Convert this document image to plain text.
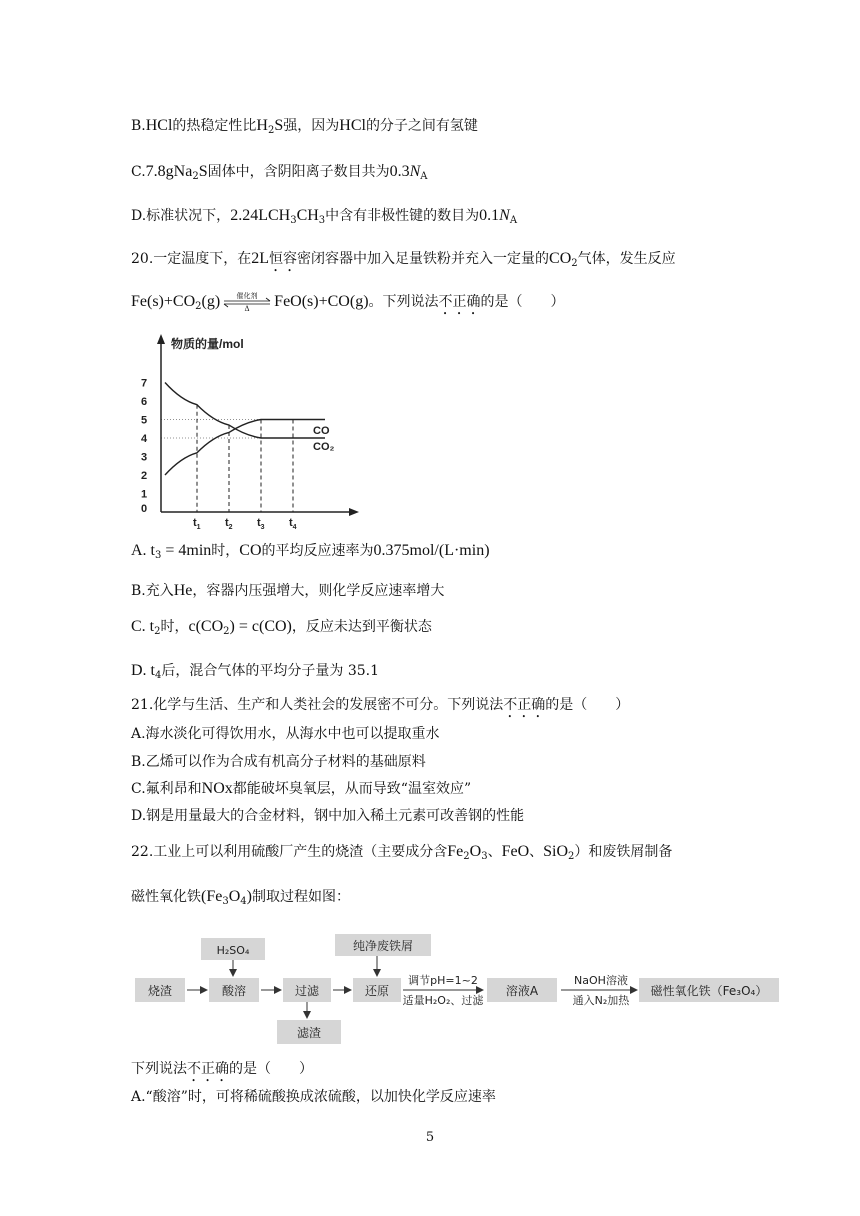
B.HCl的热稳定性比$H_2S$强，因为HCl的分子之间有氢键
C.7.8gNa$_2$S固体中，含阴阳离子数目共为$0.3N_A$
D.标准状况下，$2.24LCH_3CH_3$中含有非极性键的数目为$0.1N_A$
20.一定温度下，在2L恒容密闭容器中加入足量铁粉并充入一定量的$CO_2$气体，发生反应
$Fe(s)+CO_2(g)$ 催化剂
Δ FeO(s)+CO(g)。下列说法不正确的是（　　）
物质的量/mol
0
1
2
3
4
5
6
7
$t_1$ $t_2$ $t_3$ $t_4$
CO
CO₂
A. $t_3 = 4\min$时，CO的平均反应速率为0.375mol/(L·min)
B.充入He，容器内压强增大，则化学反应速率增大
C. $t_2$时，$c(CO_2) = c(CO)$，反应未达到平衡状态
D. $t_4$后，混合气体的平均分子量为 35.1
21.化学与生活、生产和人类社会的发展密不可分。下列说法不正确的是（　　）
A.海水淡化可得饮用水，从海水中也可以提取重水
B.乙烯可以作为合成有机高分子材料的基础原料
C.氟利昂和NOx都能破坏臭氧层，从而导致“温室效应”
D.钢是用量最大的合金材料，钢中加入稀土元素可改善钢的性能
22.工业上可以利用硫酸厂产生的烧渣（主要成分含$Fe_2O_3$、FeO、SiO$_2$）和废铁屑制备
磁性氧化铁$(Fe_3O_4)$制取过程如图：
烧渣	酸溶
H₂SO₄
过滤
滤渣
还原
纯净废铁屑
调节pH=1~2
适量H₂O₂、过滤
溶液A
NaOH溶液
通入N₂加热
磁性氧化铁（Fe₃O₄）
下列说法不正确的是（　　）
A.“酸溶”时，可将稀硫酸换成浓硫酸，以加快化学反应速率
5
